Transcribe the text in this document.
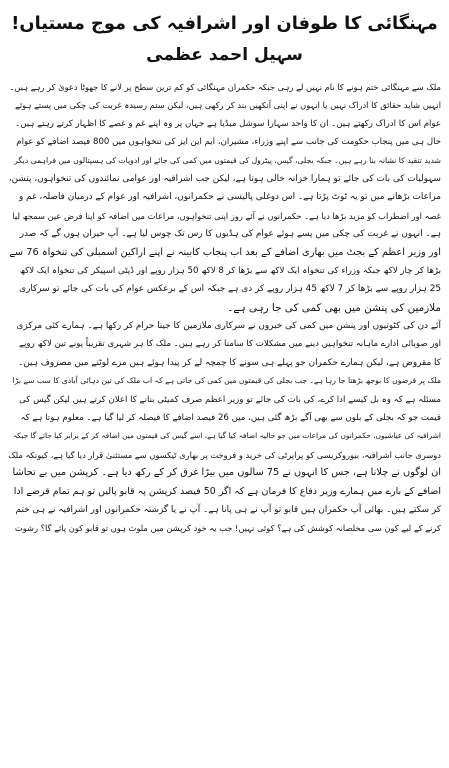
مہنگائی کا طوفان اور اشرافیہ کی موج مستیاں!
سہیل احمد عظمی
ملک سے مہنگائی ختم ہونے کا نام نہیں لے رہی جبکہ حکمران مہنگائی کو کم ترین سطح پر لانے کا جھوٹا دعویٰ کر رہے ہیں۔
انہیں شاید حقائق کا ادراک نہیں یا انہوں نے اپنی آنکھیں بند کر رکھی ہیں، لیکن ستم رسیدہ غربت کی چکی میں پستے ہوئے
عوام اس کا ادراک رکھتے ہیں۔ ان کا واحد سہارا سوشل میڈیا ہے جہاں پر وہ اپنے غم و غصے کا اظہار کرتے رہتے ہیں۔
حال ہی میں پنجاب حکومت کی جانب سے اپنے وزراء، مشیران، ایم این ایز کی تنخواہوں میں 800 فیصد اضافے کو عوام
شدید تنقید کا نشانہ بنا رہے ہیں۔ جبکہ بجلی، گیس، پیٹرول کی قیمتوں میں کمی کی جائے اور ادویات کی ہسپتالوں میں فراہمی دیگر
سہولیات کی بات کی جائے تو ہمارا خزانہ خالی ہوتا ہے، لیکن جب اشرافیہ اور عوامی نمائندوں کی تنخواہوں، پنشن،
مراعات بڑھانے میں تو یہ ٹوٹ پڑتا ہے۔ اس دوغلی پالیسی نے حکمرانوں، اشرافیہ اور عوام کے درمیان فاصلہ، غم و
غصہ اور اضطراب کو مزید بڑھا دیا ہے۔ حکمرانوں نے آئے روز اپنی تنخواہوں، مراعات میں اضافہ کو اپنا فرض عین سمجھ لیا
ہے۔ انہوں نے غربت کی چکی میں پسے ہوئے عوام کی ہڈیوں کا رس تک چوس لیا ہے۔ آپ حیران ہوں گے کہ صدر
اور وزیر اعظم کے بجٹ میں بھاری اضافے کے بعد اب پنجاب کابینہ نے اپنے اراکین اسمبلی کی تنخواہ 76 سے
بڑھا کر چار لاکھ جبکہ وزراء کی تنخواہ ایک لاکھ سے بڑھا کر 8 لاکھ 50 ہزار روپے اور ڈپٹی اسپیکر کی تنخواہ ایک لاکھ
25 ہزار روپے سے بڑھا کر 7 لاکھ 45 ہزار روپے کر دی ہے جبکہ اس کے برعکس عوام کی بات کی جائے تو سرکاری
ملازمین کی پنشن میں بھی کمی کی جا رہی ہے۔
آئے دن کی کٹوتیوں اور پنشن میں کمی کی خبروں نے سرکاری ملازمین کا جینا حرام کر رکھا ہے۔ ہمارے کئی مرکزی
اور صوبائی ادارے ماہانہ تنخواہیں دینے میں مشکلات کا سامنا کر رہے ہیں۔ ملک کا ہر شہری تقریباً پونے تین لاکھ روپے
کا مقروض ہے، لیکن ہمارے حکمران جو پہلے ہی سونے کا چمچہ لے کر پیدا ہوئے ہیں مزے لوٹنے میں مصروف ہیں۔
ملک پر قرضوں کا بوجھ بڑھتا جا رہا ہے۔ جب بجلی کی قیمتوں میں کمی کی جاتی ہے کہ اب ملک کی تین دہائی آبادی کا سب سے بڑا
مسئلہ ہے کہ وہ بل کیسے ادا کرے، کی بات کی جائے تو وزیر اعظم صرف کمیٹی بنانے کا اعلان کرتے ہیں لیکن گیس کی
قیمت جو کہ بجلی کے بلوں سے بھی آگے بڑھ گئی ہیں، میں 26 فیصد اضافے کا فیصلہ کر لیا گیا ہے۔ معلوم ہوتا ہے کہ
اشرافیہ کی عیاشیوں، حکمرانوں کی مراعات میں جو حالیہ اضافہ کیا گیا ہے، اسے گیس کی قیمتوں میں اضافہ کر کے برابر کیا جائے گا جبکہ
دوسری جانب اشرافیہ، بیوروکریسی کو پراپرٹی کی خرید و فروخت پر بھاری ٹیکسوں سے مستثنیٰ قرار دیا گیا ہے، کیونکہ ملک
ان لوگوں نے چلانا ہے، جس کا انہوں نے 75 سالوں میں بیڑا غرق کر کے رکھ دیا ہے۔ کرپشن میں بے تحاشا
اضافے کے بارے میں ہمارے وزیر دفاع کا فرمان ہے کہ اگر 50 فیصد کرپشن پہ قابو پالیں تو ہم تمام قرضے ادا
کر سکتے ہیں۔ بھائی آپ حکمران ہیں قابو تو آپ نے ہی پانا ہے۔ آپ نے یا گزشتہ حکمرانوں اور اشرافیہ نے ہی ختم
کرنے کے لیے کون سی مخلصانہ کوشش کی ہے؟ کوئی نہیں! جب یہ خود کرپشن میں ملوث ہوں تو قابو کون پائے گا؟ رشوت
